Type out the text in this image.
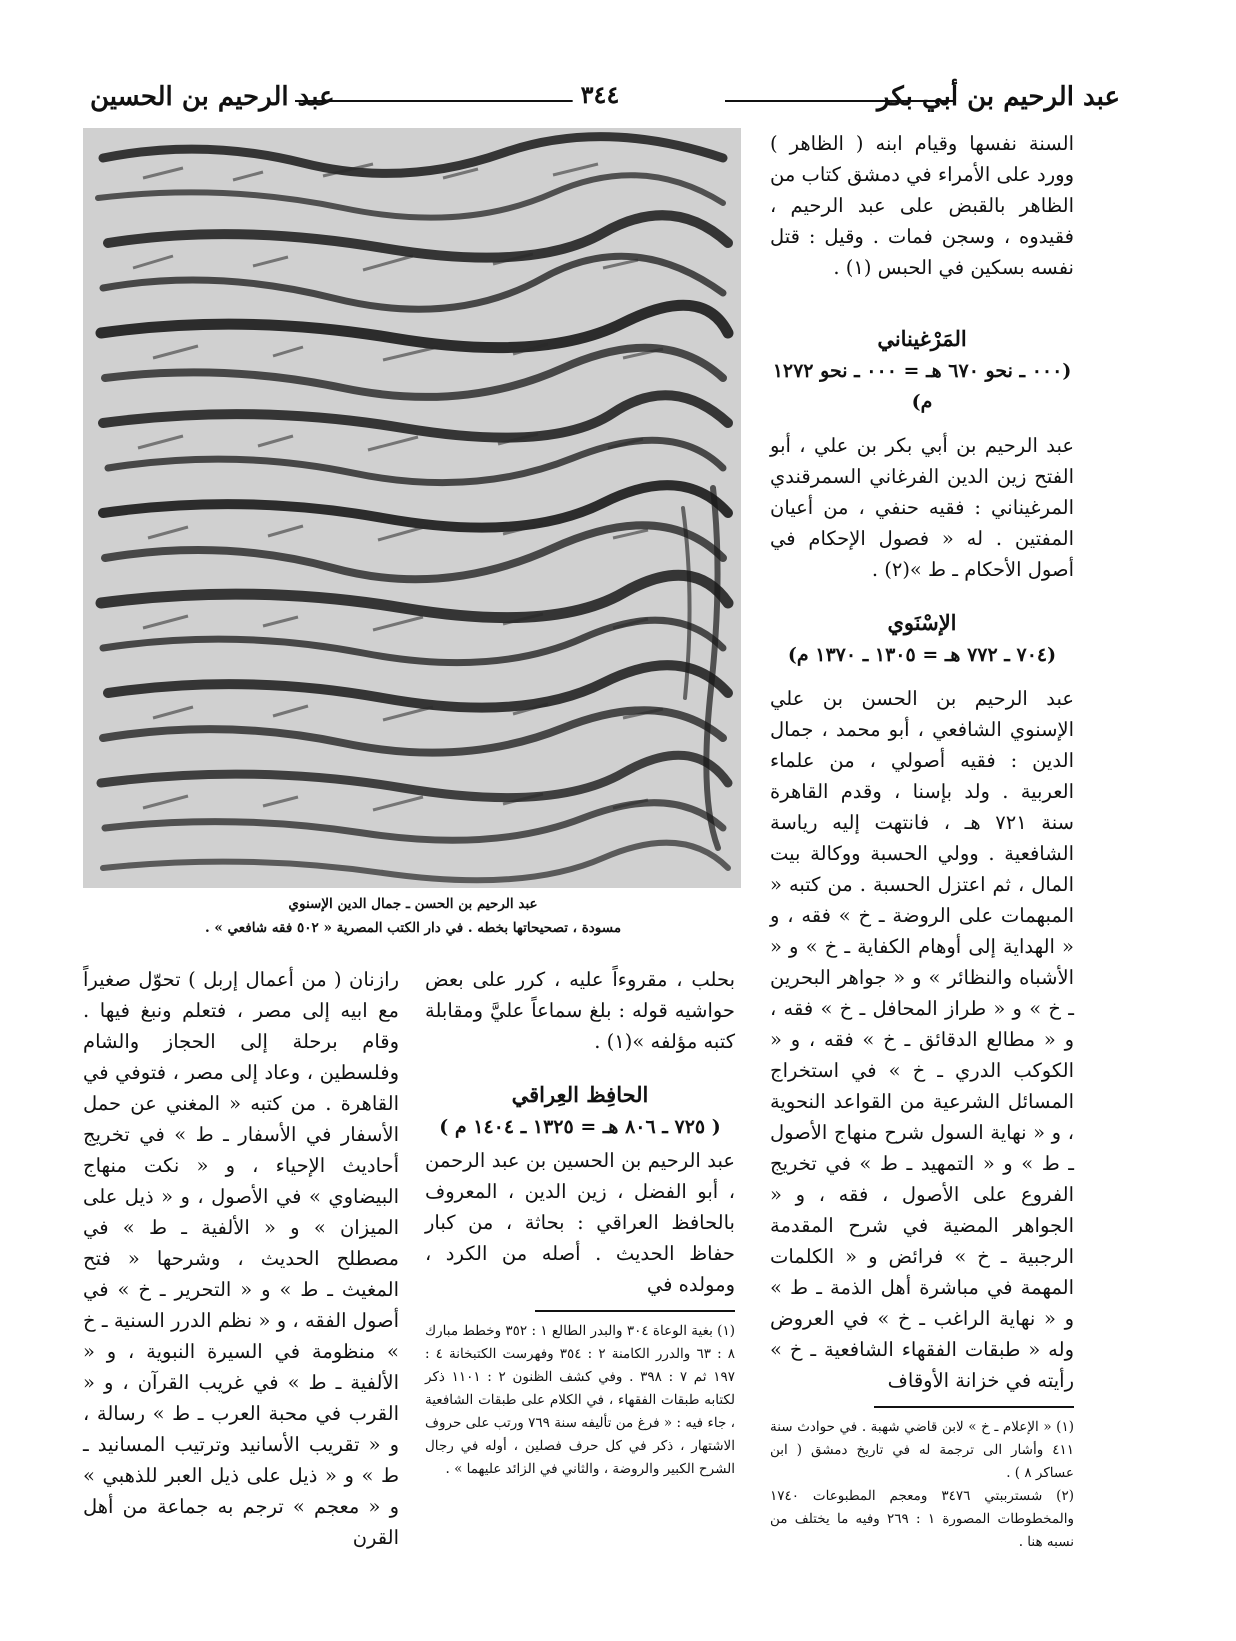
عبد الرحيم بن الحسين	٣٤٤	عبد الرحيم بن أبي بكر

السنة نفسها وقيام ابنه ( الظاهر ) وورد على الأمراء في دمشق كتاب من الظاهر بالقبض على عبد الرحيم ، فقيدوه ، وسجن فمات . وقيل : قتل نفسه بسكين في الحبس (١) .

المَرْغيناني
(٠٠٠ ـ نحو ٦٧٠ هـ = ٠٠٠ ـ نحو ١٢٧٢ م)

عبد الرحيم بن أبي بكر بن علي ، أبو الفتح زين الدين الفرغاني السمرقندي المرغيناني : فقيه حنفي ، من أعيان المفتين . له « فصول الإحكام في أصول الأحكام ـ ط »(٢) .

الإسْنَوي
(٧٠٤ ـ ٧٧٢ هـ = ١٣٠٥ ـ ١٣٧٠ م)

عبد الرحيم بن الحسن بن علي الإسنوي الشافعي ، أبو محمد ، جمال الدين : فقيه أصولي ، من علماء العربية . ولد بإسنا ، وقدم القاهرة سنة ٧٢١ هـ ، فانتهت إليه رياسة الشافعية . وولي الحسبة ووكالة بيت المال ، ثم اعتزل الحسبة . من كتبه « المبهمات على الروضة ـ خ » فقه ، و « الهداية إلى أوهام الكفاية ـ خ » و « الأشباه والنظائر » و « جواهر البحرين ـ خ » و « طراز المحافل ـ خ » فقه ، و « مطالع الدقائق ـ خ » فقه ، و « الكوكب الدري ـ خ » في استخراج المسائل الشرعية من القواعد النحوية ، و « نهاية السول شرح منهاج الأصول ـ ط » و « التمهيد ـ ط » في تخريج الفروع على الأصول ، فقه ، و « الجواهر المضية في شرح المقدمة الرجبية ـ خ » فرائض و « الكلمات المهمة في مباشرة أهل الذمة ـ ط » و « نهاية الراغب ـ خ » في العروض وله « طبقات الفقهاء الشافعية ـ خ » رأيته في خزانة الأوقاف

(١) « الإعلام ـ خ » لابن قاضي شهبة . في حوادث سنة ٤١١ وأشار الى ترجمة له في تاريخ دمشق ( ابن عساكر ٨ ) .

(٢) شسترببتي ٣٤٧٦ ومعجم المطبوعات ١٧٤٠ والمخطوطات المصورة ١ : ٢٦٩ وفيه ما يختلف من نسبه هنا .

عبد الرحيم بن الحسن ـ جمال الدين الإسنوي
مسودة ، تصحيحاتها بخطه . في دار الكتب المصرية « ٥٠٢ فقه شافعي » .

بحلب ، مقروءاً عليه ، كرر على بعض حواشيه قوله : بلغ سماعاً عليَّ ومقابلة كتبه مؤلفه »(١) .

الحافِظ العِراقي
( ٧٢٥ ـ ٨٠٦ هـ = ١٣٢٥ ـ ١٤٠٤ م )

عبد الرحيم بن الحسين بن عبد الرحمن ، أبو الفضل ، زين الدين ، المعروف بالحافظ العراقي : بحاثة ، من كبار حفاظ الحديث . أصله من الكرد ، ومولده في

(١) بغية الوعاة ٣٠٤ والبدر الطالع ١ : ٣٥٢ وخطط مبارك ٨ : ٦٣ والدرر الكامنة ٢ : ٣٥٤ وفهرست الكتبخانة ٤ : ١٩٧ ثم ٧ : ٣٩٨ . وفي كشف الظنون ٢ : ١١٠١ ذكر لكتابه طبقات الفقهاء ، في الكلام على طبقات الشافعية ، جاء فيه : « فرغ من تأليفه سنة ٧٦٩ ورتب على حروف الاشتهار ، ذكر في كل حرف فصلين ، أوله في رجال الشرح الكبير والروضة ، والثاني في الزائد عليهما » .

رازنان ( من أعمال إربل ) تحوّل صغيراً مع ابيه إلى مصر ، فتعلم ونبغ فيها . وقام برحلة إلى الحجاز والشام وفلسطين ، وعاد إلى مصر ، فتوفي في القاهرة . من كتبه « المغني عن حمل الأسفار في الأسفار ـ ط » في تخريج أحاديث الإحياء ، و « نكت منهاج البيضاوي » في الأصول ، و « ذيل على الميزان » و « الألفية ـ ط » في مصطلح الحديث ، وشرحها « فتح المغيث ـ ط » و « التحرير ـ خ » في أصول الفقه ، و « نظم الدرر السنية ـ خ » منظومة في السيرة النبوية ، و « الألفية ـ ط » في غريب القرآن ، و « القرب في محبة العرب ـ ط » رسالة ، و « تقريب الأسانيد وترتيب المسانيد ـ ط » و « ذيل على ذيل العبر للذهبي » و « معجم » ترجم به جماعة من أهل القرن
